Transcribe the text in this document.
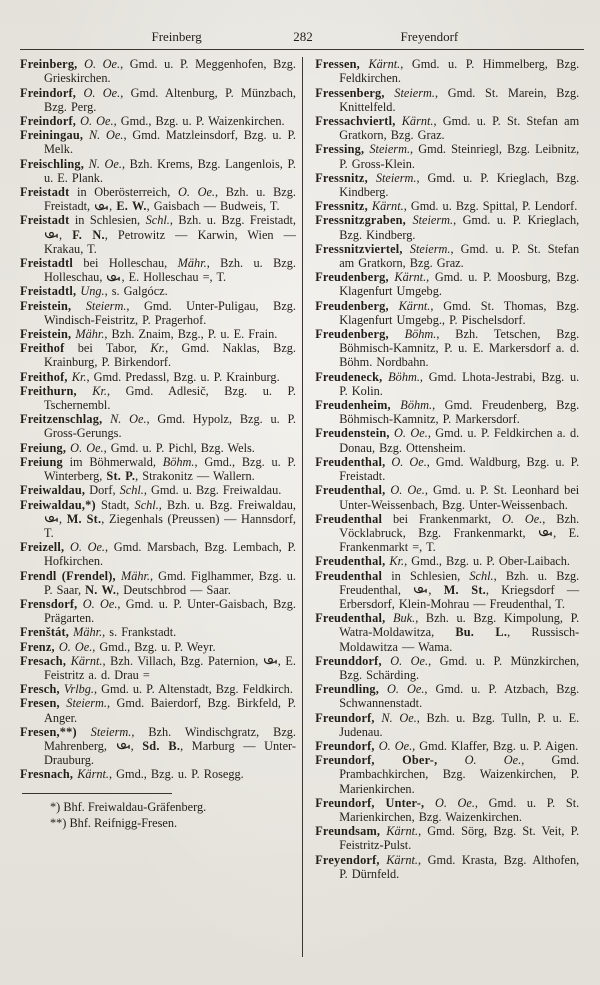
Freinberg	282	Freyendorf

Freinberg, O. Oe., Gmd. u. P. Meggenhofen, Bzg. Grieskirchen.

Freindorf, O. Oe., Gmd. Altenburg, P. Münzbach, Bzg. Perg.

Freindorf, O. Oe., Gmd., Bzg. u. P. Waizenkirchen.

Freiningau, N. Oe., Gmd. Matzleinsdorf, Bzg. u. P. Melk.

Freischling, N. Oe., Bzh. Krems, Bzg. Langenlois, P. u. E. Plank.

Freistadt in Oberösterreich, O. Oe., Bzh. u. Bzg. Freistadt, , E. W., Gaisbach — Budweis, T.

Freistadt in Schlesien, Schl., Bzh. u. Bzg. Freistadt, , F. N., Petrowitz — Karwin, Wien — Krakau, T.

Freistadtl bei Holleschau, Mähr., Bzh. u. Bzg. Holleschau, , E. Holleschau =, T.

Freistadtl, Ung., s. Galgócz.

Freistein, Steierm., Gmd. Unter-Puligau, Bzg. Windisch-Feistritz, P. Pragerhof.

Freistein, Mähr., Bzh. Znaim, Bzg., P. u. E. Frain.

Freithof bei Tabor, Kr., Gmd. Naklas, Bzg. Krainburg, P. Birkendorf.

Freithof, Kr., Gmd. Predassl, Bzg. u. P. Krainburg.

Freithurn, Kr., Gmd. Adlesič, Bzg. u. P. Tschernembl.

Freitzenschlag, N. Oe., Gmd. Hypolz, Bzg. u. P. Gross-Gerungs.

Freiung, O. Oe., Gmd. u. P. Pichl, Bzg. Wels.

Freiung im Böhmerwald, Böhm., Gmd., Bzg. u. P. Winterberg, St. P., Strakonitz — Wallern.

Freiwaldau, Dorf, Schl., Gmd. u. Bzg. Freiwaldau.

Freiwaldau,*) Stadt, Schl., Bzh. u. Bzg. Freiwaldau, , M. St., Ziegenhals (Preussen) — Hannsdorf, T.

Freizell, O. Oe., Gmd. Marsbach, Bzg. Lembach, P. Hofkirchen.

Frendl (Frendel), Mähr., Gmd. Figlhammer, Bzg. u. P. Saar, N. W., Deutschbrod — Saar.

Frensdorf, O. Oe., Gmd. u. P. Unter-Gaisbach, Bzg. Prägarten.

Frenštát, Mähr., s. Frankstadt.

Frenz, O. Oe., Gmd., Bzg. u. P. Weyr.

Fresach, Kärnt., Bzh. Villach, Bzg. Paternion, , E. Feistritz a. d. Drau =

Fresch, Vrlbg., Gmd. u. P. Altenstadt, Bzg. Feldkirch.

Fresen, Steierm., Gmd. Baierdorf, Bzg. Birkfeld, P. Anger.

Fresen,**) Steierm., Bzh. Windischgratz, Bzg. Mahrenberg, , Sd. B., Marburg — Unter-Drauburg.

Fresnach, Kärnt., Gmd., Bzg. u. P. Rosegg.

*) Bhf. Freiwaldau-Gräfenberg.

**) Bhf. Reifnigg-Fresen.

Fressen, Kärnt., Gmd. u. P. Himmelberg, Bzg. Feldkirchen.

Fressenberg, Steierm., Gmd. St. Marein, Bzg. Knittelfeld.

Fressachviertl, Kärnt., Gmd. u. P. St. Stefan am Gratkorn, Bzg. Graz.

Fressing, Steierm., Gmd. Steinriegl, Bzg. Leibnitz, P. Gross-Klein.

Fressnitz, Steierm., Gmd. u. P. Krieglach, Bzg. Kindberg.

Fressnitz, Kärnt., Gmd. u. Bzg. Spittal, P. Lendorf.

Fressnitzgraben, Steierm., Gmd. u. P. Krieglach, Bzg. Kindberg.

Fressnitzviertel, Steierm., Gmd. u. P. St. Stefan am Gratkorn, Bzg. Graz.

Freudenberg, Kärnt., Gmd. u. P. Moosburg, Bzg. Klagenfurt Umgebg.

Freudenberg, Kärnt., Gmd. St. Thomas, Bzg. Klagenfurt Umgebg., P. Pischelsdorf.

Freudenberg, Böhm., Bzh. Tetschen, Bzg. Böhmisch-Kamnitz, P. u. E. Markersdorf a. d. Böhm. Nordbahn.

Freudeneck, Böhm., Gmd. Lhota-Jestrabi, Bzg. u. P. Kolin.

Freudenheim, Böhm., Gmd. Freudenberg, Bzg. Böhmisch-Kamnitz, P. Markersdorf.

Freudenstein, O. Oe., Gmd. u. P. Feldkirchen a. d. Donau, Bzg. Ottensheim.

Freudenthal, O. Oe., Gmd. Waldburg, Bzg. u. P. Freistadt.

Freudenthal, O. Oe., Gmd. u. P. St. Leonhard bei Unter-Weissenbach, Bzg. Unter-Weissenbach.

Freudenthal bei Frankenmarkt, O. Oe., Bzh. Vöcklabruck, Bzg. Frankenmarkt, , E. Frankenmarkt =, T.

Freudenthal, Kr., Gmd., Bzg. u. P. Ober-Laibach.

Freudenthal in Schlesien, Schl., Bzh. u. Bzg. Freudenthal, , M. St., Kriegsdorf — Erbersdorf, Klein-Mohrau — Freudenthal, T.

Freudenthal, Buk., Bzh. u. Bzg. Kimpolung, P. Watra-Moldawitza, Bu. L., Russisch-Moldawitza — Wama.

Freunddorf, O. Oe., Gmd. u. P. Münzkirchen, Bzg. Schärding.

Freundling, O. Oe., Gmd. u. P. Atzbach, Bzg. Schwannenstadt.

Freundorf, N. Oe., Bzh. u. Bzg. Tulln, P. u. E. Judenau.

Freundorf, O. Oe., Gmd. Klaffer, Bzg. u. P. Aigen.

Freundorf, Ober-, O. Oe., Gmd. Prambachkirchen, Bzg. Waizenkirchen, P. Marienkirchen.

Freundorf, Unter-, O. Oe., Gmd. u. P. St. Marienkirchen, Bzg. Waizenkirchen.

Freundsam, Kärnt., Gmd. Sörg, Bzg. St. Veit, P. Feistritz-Pulst.

Freyendorf, Kärnt., Gmd. Krasta, Bzg. Althofen, P. Dürnfeld.
